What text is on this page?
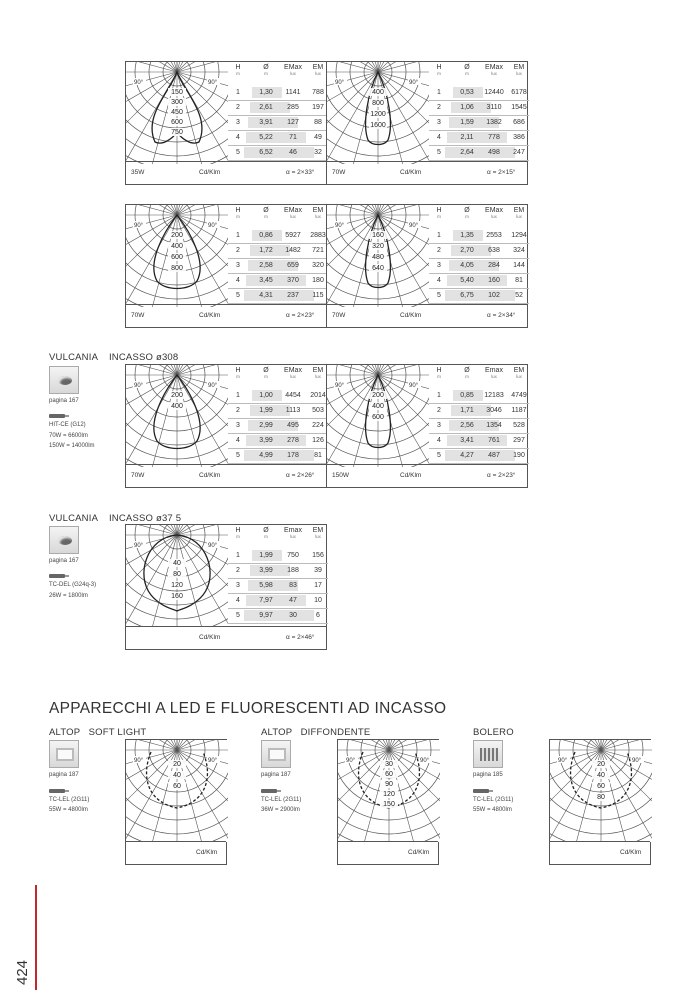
90°	90°
150
300
450
600
750
H
m
Ø
m
EMax
lux
EM
lux
1	1,30	1141	788
2	2,61	285	197
3	3,91	127	88
4	5,22	71	49
5	6,52	46	32
35W	Cd/Klm	α = 2×33°
90°	90°
400
800
1200
1600
H
m
Ø
m
EMax
lux
EM
lux
1	0,53	12440	6178
2	1,06	3110	1545
3	1,59	1382	686
4	2,11	778	386
5	2,64	498	247
70W	Cd/Klm	α = 2×15°
90°	90°
200
400
600
800
H
m
Ø
m
EMax
lux
EM
lux
1	0,86	5927	2883
2	1,72	1482	721
3	2,58	659	320
4	3,45	370	180
5	4,31	237	115
70W	Cd/Klm	α = 2×23°
90°	90°
160
320
480
640
H
m
Ø
m
EMax
lux
EM
lux
1	1,35	2553	1294
2	2,70	638	324
3	4,05	284	144
4	5,40	160	81
5	6,75	102	52
70W	Cd/Klm	α = 2×34°
VULCANIA    INCASSO ø308
pagina 167
HIT-CE (G12)
70W = 6600lm
150W = 14000lm
90°	90°
200
400
H
m
Ø
m
EMax
lux
EM
lux
1	1,00	4454	2014
2	1,99	1113	503
3	2,99	495	224
4	3,99	278	126
5	4,99	178	81
70W	Cd/Klm	α = 2×26°
90°	90°
200
400
600
H
m
Ø
m
Emax
lux
EM
lux
1	0,85	12183	4749
2	1,71	3046	1187
3	2,56	1354	528
4	3,41	761	297
5	4,27	487	190
150W	Cd/Klm	α = 2×23°
VULCANIA    INCASSO ø37 5
pagina 167
TC-DEL (G24q-3)
26W = 1800lm
90°	90°
40
80
120
160
H
m
Ø
m
Emax
lux
EM
lux
1	1,99	750	156
2	3,99	188	39
3	5,98	83	17
4	7,97	47	10
5	9,97	30	6
Cd/Klm	α = 2×46°
APPARECCHI A LED E FLUORESCENTI AD INCASSO
ALTOP   SOFT LIGHT
pagina 187
TC-LEL (2G11)
55W = 4800lm
90°	90°
20
40
60
Cd/Klm
ALTOP   DIFFONDENTE
pagina 187
TC-LEL (2G11)
36W = 2900lm
90°	90°
30
60
90
120
150
Cd/Klm
BOLERO
pagina 185
TC-LEL (2G11)
55W = 4800lm
90°	90°
20
40
60
80
Cd/Klm
424
